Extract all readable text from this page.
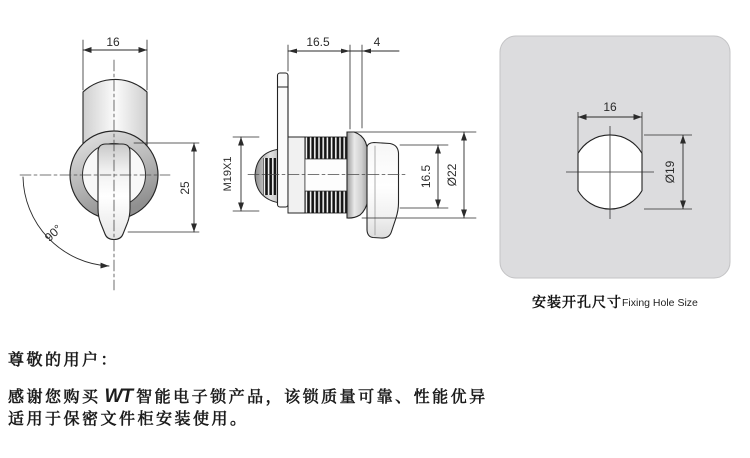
90°
16
25
16.5	4
M19X1	16.5 Ø22
16
Ø19
安装开孔尺寸 Fixing Hole Size

尊敬的用户：

感谢您购买 WT 智能电子锁产品，该锁质量可靠、性能优异

适用于保密文件柜安装使用。
